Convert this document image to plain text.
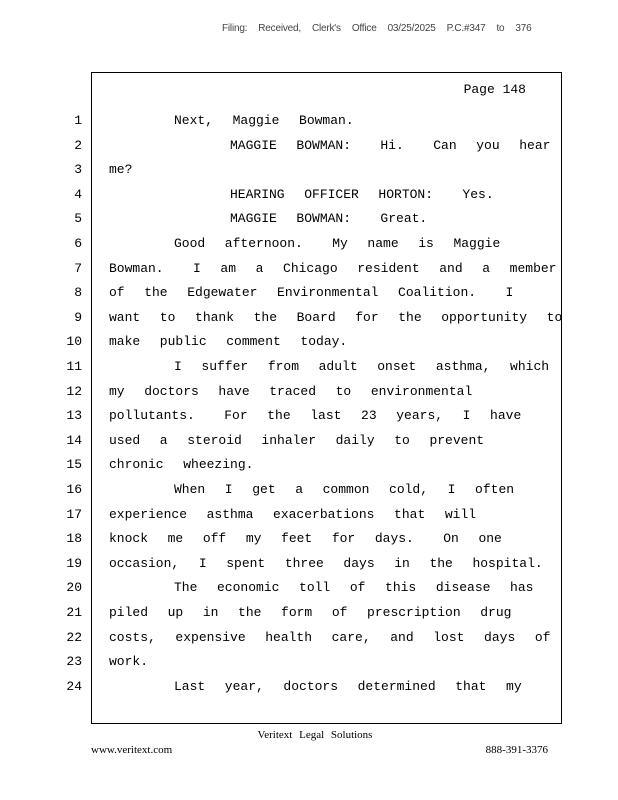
Filing: Received, Clerk's Office 03/25/2025 P.C.#347 to 376
Page 148
1	Next,  Maggie  Bowman.
2	MAGGIE  BOWMAN:   Hi.   Can  you  hear
3 me?
4	HEARING  OFFICER  HORTON:   Yes.
5	MAGGIE  BOWMAN:   Great.
6	Good  afternoon.   My  name  is  Maggie
7 Bowman.   I  am  a  Chicago  resident  and  a  member
8 of  the  Edgewater  Environmental  Coalition.   I
9 want  to  thank  the  Board  for  the  opportunity  to
10 make  public  comment  today.
11	I  suffer  from  adult  onset  asthma,  which
12 my  doctors  have  traced  to  environmental
13 pollutants.   For  the  last  23  years,  I  have
14 used  a  steroid  inhaler  daily  to  prevent
15 chronic  wheezing.
16	When  I  get  a  common  cold,  I  often
17 experience  asthma  exacerbations  that  will
18 knock  me  off  my  feet  for  days.   On  one
19 occasion,  I  spent  three  days  in  the  hospital.
20	The  economic  toll  of  this  disease  has
21 piled  up  in  the  form  of  prescription  drug
22 costs,  expensive  health  care,  and  lost  days  of
23 work.
24	Last  year,  doctors  determined  that  my
Veritext Legal Solutions
www.veritext.com	888-391-3376
